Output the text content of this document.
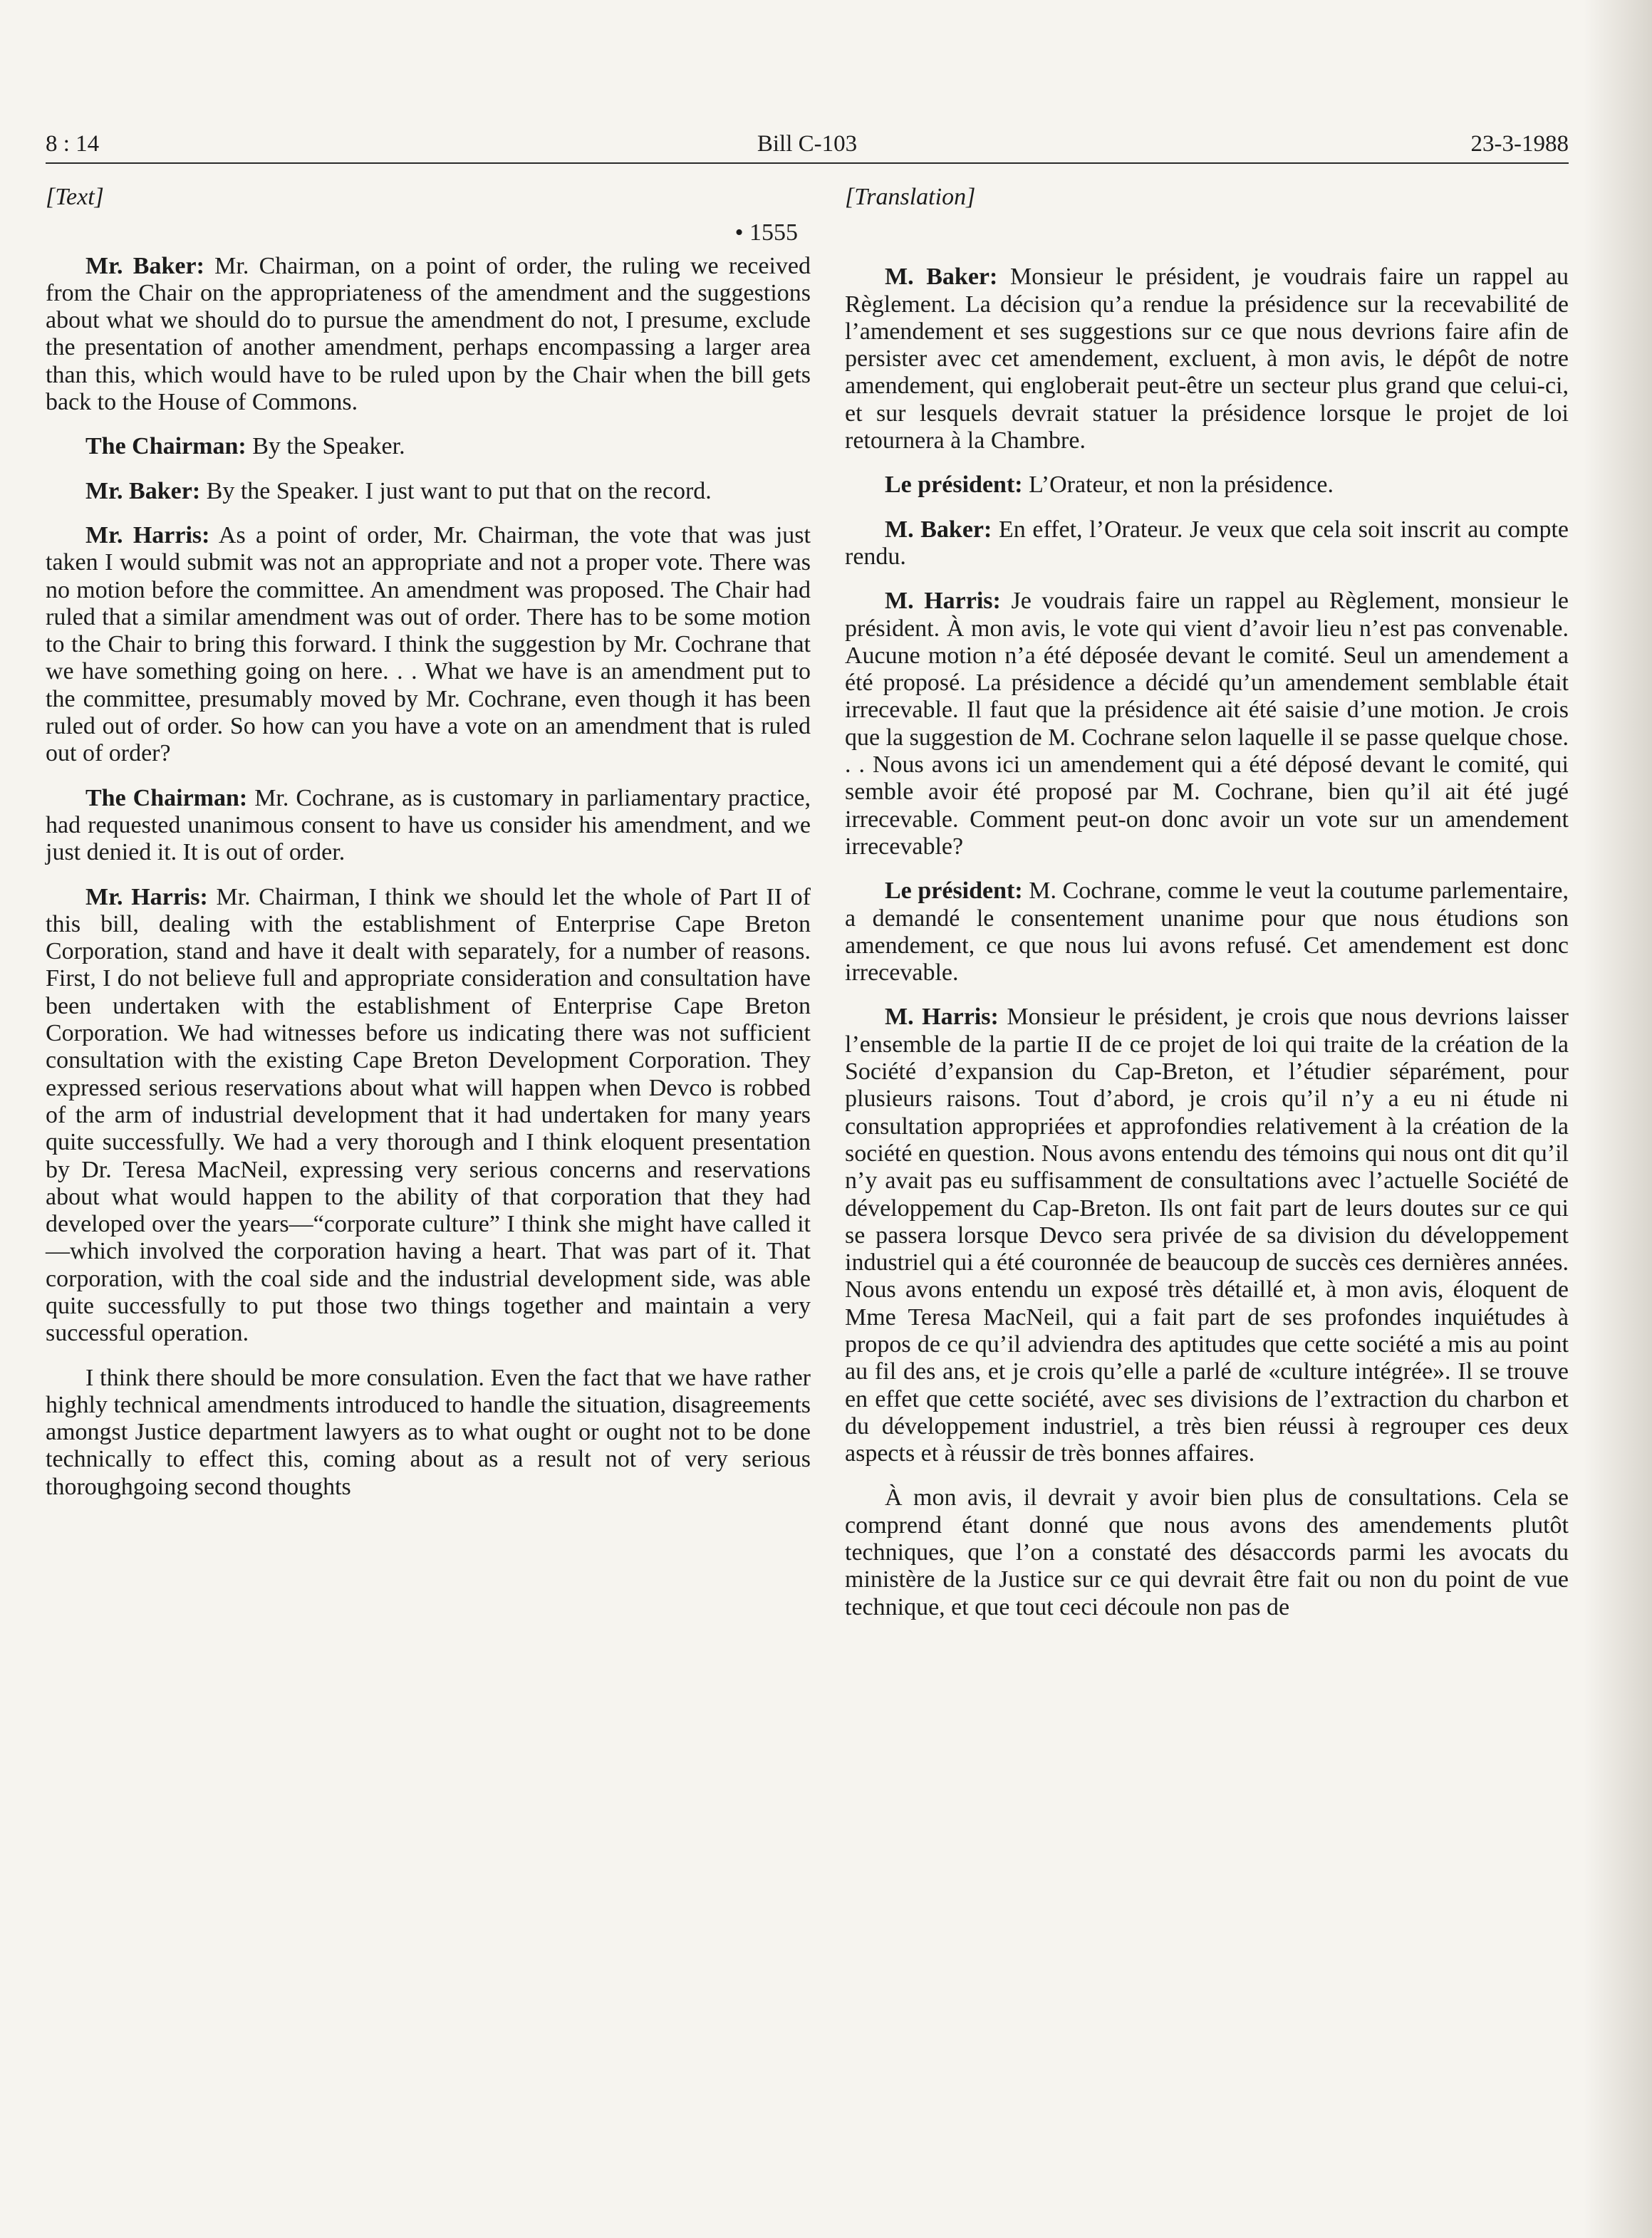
8 : 14	Bill C-103	23-3-1988
[Text]
• 1555

Mr. Baker: Mr. Chairman, on a point of order, the ruling we received from the Chair on the appropriateness of the amendment and the suggestions about what we should do to pursue the amendment do not, I presume, exclude the presentation of another amendment, perhaps encompassing a larger area than this, which would have to be ruled upon by the Chair when the bill gets back to the House of Commons.

The Chairman: By the Speaker.

Mr. Baker: By the Speaker. I just want to put that on the record.

Mr. Harris: As a point of order, Mr. Chairman, the vote that was just taken I would submit was not an appropriate and not a proper vote. There was no motion before the committee. An amendment was proposed. The Chair had ruled that a similar amendment was out of order. There has to be some motion to the Chair to bring this forward. I think the suggestion by Mr. Cochrane that we have something going on here. . . What we have is an amendment put to the committee, presumably moved by Mr. Cochrane, even though it has been ruled out of order. So how can you have a vote on an amendment that is ruled out of order?

The Chairman: Mr. Cochrane, as is customary in parliamentary practice, had requested unanimous consent to have us consider his amendment, and we just denied it. It is out of order.

Mr. Harris: Mr. Chairman, I think we should let the whole of Part II of this bill, dealing with the establishment of Enterprise Cape Breton Corporation, stand and have it dealt with separately, for a number of reasons. First, I do not believe full and appropriate consideration and consultation have been undertaken with the establishment of Enterprise Cape Breton Corporation. We had witnesses before us indicating there was not sufficient consultation with the existing Cape Breton Development Corporation. They expressed serious reservations about what will happen when Devco is robbed of the arm of industrial development that it had undertaken for many years quite successfully. We had a very thorough and I think eloquent presentation by Dr. Teresa MacNeil, expressing very serious concerns and reservations about what would happen to the ability of that corporation that they had developed over the years—“corporate culture” I think she might have called it—which involved the corporation having a heart. That was part of it. That corporation, with the coal side and the industrial development side, was able quite successfully to put those two things together and maintain a very successful operation.

I think there should be more consulation. Even the fact that we have rather highly technical amendments introduced to handle the situation, disagreements amongst Justice department lawyers as to what ought or ought not to be done technically to effect this, coming about as a result not of very serious thoroughgoing second thoughts

[Translation]

M. Baker: Monsieur le président, je voudrais faire un rappel au Règlement. La décision qu’a rendue la présidence sur la recevabilité de l’amendement et ses suggestions sur ce que nous devrions faire afin de persister avec cet amendement, excluent, à mon avis, le dépôt de notre amendement, qui engloberait peut-être un secteur plus grand que celui-ci, et sur lesquels devrait statuer la présidence lorsque le projet de loi retournera à la Chambre.

Le président: L’Orateur, et non la présidence.

M. Baker: En effet, l’Orateur. Je veux que cela soit inscrit au compte rendu.

M. Harris: Je voudrais faire un rappel au Règlement, monsieur le président. À mon avis, le vote qui vient d’avoir lieu n’est pas convenable. Aucune motion n’a été déposée devant le comité. Seul un amendement a été proposé. La présidence a décidé qu’un amendement semblable était irrecevable. Il faut que la présidence ait été saisie d’une motion. Je crois que la suggestion de M. Cochrane selon laquelle il se passe quelque chose. . . Nous avons ici un amendement qui a été déposé devant le comité, qui semble avoir été proposé par M. Cochrane, bien qu’il ait été jugé irrecevable. Comment peut-on donc avoir un vote sur un amendement irrecevable?

Le président: M. Cochrane, comme le veut la coutume parlementaire, a demandé le consentement unanime pour que nous étudions son amendement, ce que nous lui avons refusé. Cet amendement est donc irrecevable.

M. Harris: Monsieur le président, je crois que nous devrions laisser l’ensemble de la partie II de ce projet de loi qui traite de la création de la Société d’expansion du Cap-Breton, et l’étudier séparément, pour plusieurs raisons. Tout d’abord, je crois qu’il n’y a eu ni étude ni consultation appropriées et approfondies relativement à la création de la société en question. Nous avons entendu des témoins qui nous ont dit qu’il n’y avait pas eu suffisamment de consultations avec l’actuelle Société de développement du Cap-Breton. Ils ont fait part de leurs doutes sur ce qui se passera lorsque Devco sera privée de sa division du développement industriel qui a été couronnée de beaucoup de succès ces dernières années. Nous avons entendu un exposé très détaillé et, à mon avis, éloquent de Mme Teresa MacNeil, qui a fait part de ses profondes inquiétudes à propos de ce qu’il adviendra des aptitudes que cette société a mis au point au fil des ans, et je crois qu’elle a parlé de «culture intégrée». Il se trouve en effet que cette société, avec ses divisions de l’extraction du charbon et du développement industriel, a très bien réussi à regrouper ces deux aspects et à réussir de très bonnes affaires.

À mon avis, il devrait y avoir bien plus de consultations. Cela se comprend étant donné que nous avons des amendements plutôt techniques, que l’on a constaté des désaccords parmi les avocats du ministère de la Justice sur ce qui devrait être fait ou non du point de vue technique, et que tout ceci découle non pas de
